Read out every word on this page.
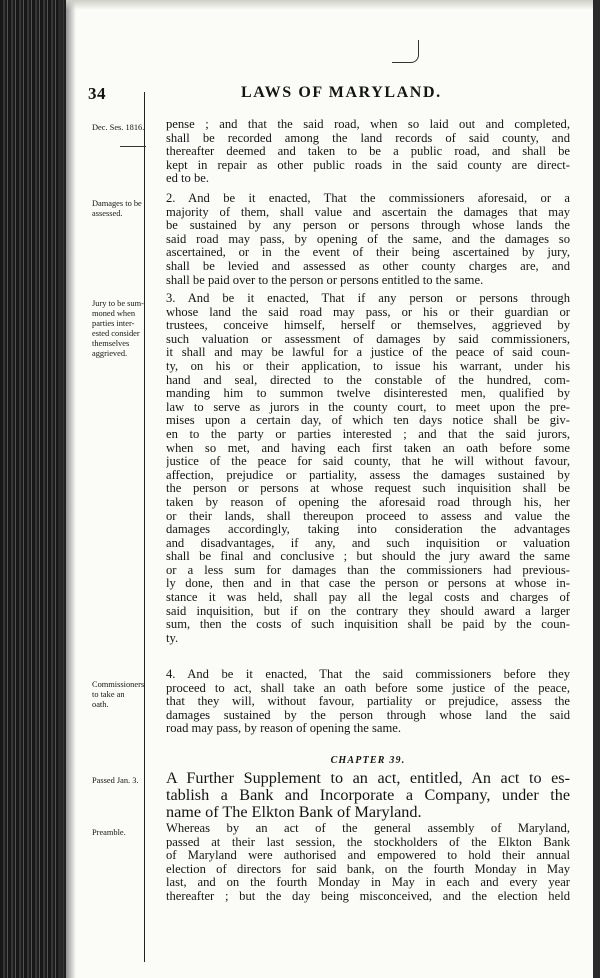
34	LAWS OF MARYLAND.
Dec. Ses. 1816.
Damages to be
assessed.
Jury to be sum-
moned when
parties inter-
ested consider
themselves
aggrieved.
Commissioners
to take an
oath.
Passed Jan. 3.
Preamble.
pense ; and that the said road, when so laid out and completed,
shall be recorded among the land records of said county, and
thereafter deemed and taken to be a public road, and shall be
kept in repair as other public roads in the said county are direct-
ed to be.
2. And be it enacted, That the commissioners aforesaid, or a
majority of them, shall value and ascertain the damages that may
be sustained by any person or persons through whose lands the
said road may pass, by opening of the same, and the damages so
ascertained, or in the event of their being ascertained by jury,
shall be levied and assessed as other county charges are, and
shall be paid over to the person or persons entitled to the same.
3. And be it enacted, That if any person or persons through
whose land the said road may pass, or his or their guardian or
trustees, conceive himself, herself or themselves, aggrieved by
such valuation or assessment of damages by said commissioners,
it shall and may be lawful for a justice of the peace of said coun-
ty, on his or their application, to issue his warrant, under his
hand and seal, directed to the constable of the hundred, com-
manding him to summon twelve disinterested men, qualified by
law to serve as jurors in the county court, to meet upon the pre-
mises upon a certain day, of which ten days notice shall be giv-
en to the party or parties interested ; and that the said jurors,
when so met, and having each first taken an oath before some
justice of the peace for said county, that he will without favour,
affection, prejudice or partiality, assess the damages sustained by
the person or persons at whose request such inquisition shall be
taken by reason of opening the aforesaid road through his, her
or their lands, shall thereupon proceed to assess and value the
damages accordingly, taking into consideration the advantages
and disadvantages, if any, and such inquisition or valuation
shall be final and conclusive ; but should the jury award the same
or a less sum for damages than the commissioners had previous-
ly done, then and in that case the person or persons at whose in-
stance it was held, shall pay all the legal costs and charges of
said inquisition, but if on the contrary they should award a larger
sum, then the costs of such inquisition shall be paid by the coun-
ty.
4. And be it enacted, That the said commissioners before they
proceed to act, shall take an oath before some justice of the peace,
that they will, without favour, partiality or prejudice, assess the
damages sustained by the person through whose land the said
road may pass, by reason of opening the same.
CHAPTER 39.
A Further Supplement to an act, entitled, An act to es-
tablish a Bank and Incorporate a Company, under the
name of The Elkton Bank of Maryland.
Whereas by an act of the general assembly of Maryland,
passed at their last session, the stockholders of the Elkton Bank
of Maryland were authorised and empowered to hold their annual
election of directors for said bank, on the fourth Monday in May
last, and on the fourth Monday in May in each and every year
thereafter ; but the day being misconceived, and the election held
